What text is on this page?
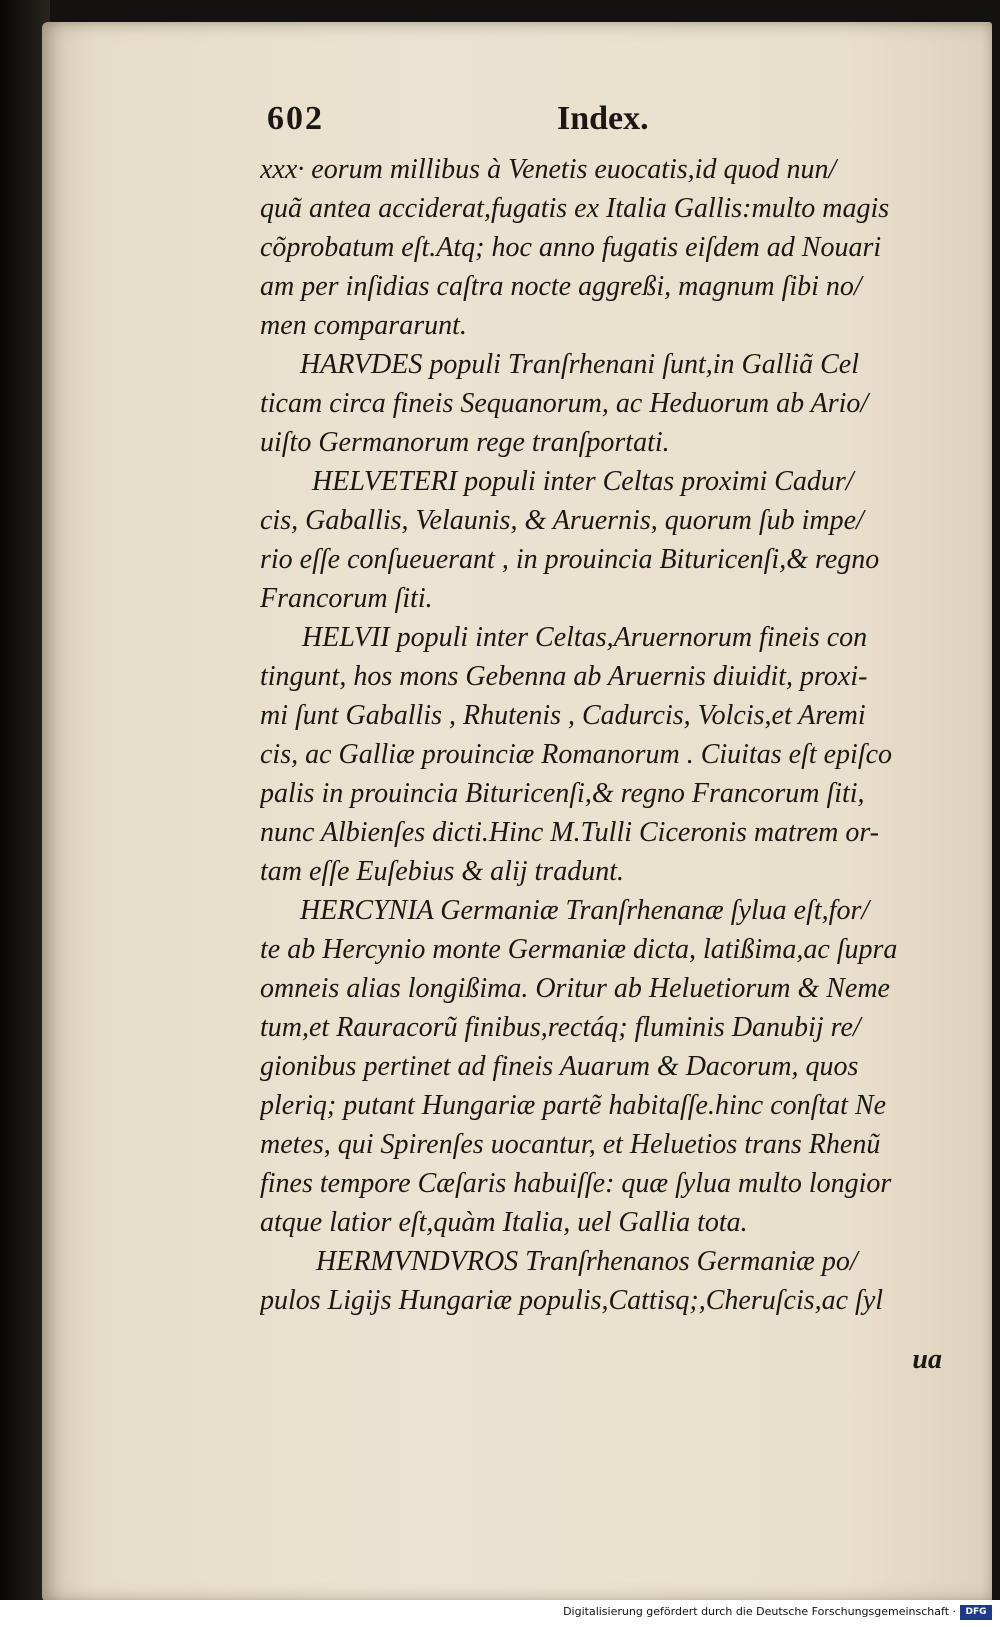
602	Index.
xxx· eorum millibus à Venetis euocatis,id quod nun/
quã antea acciderat,fugatis ex Italia Gallis:multo magis
cõprobatum eſt.Atq; hoc anno fugatis eiſdem ad Nouari
am per inſidias caſtra nocte aggreßi, magnum ſibi no/
men compararunt.
HARVDES populi Tranſrhenani ſunt,in Galliã Cel
ticam circa fineis Sequanorum, ac Heduorum ab Ario/
uiſto Germanorum rege tranſportati.
HELVETERI populi inter Celtas proximi Cadur/
cis, Gaballis, Velaunis, & Aruernis, quorum ſub impe/
rio eſſe conſueuerant , in prouincia Bituricenſi,& regno
Francorum ſiti.
HELVII populi inter Celtas,Aruernorum fineis con
tingunt, hos mons Gebenna ab Aruernis diuidit, proxi-
mi ſunt Gaballis , Rhutenis , Cadurcis, Volcis,et Aremi
cis, ac Galliæ prouinciæ Romanorum . Ciuitas eſt epiſco
palis in prouincia Bituricenſi,& regno Francorum ſiti,
nunc Albienſes dicti.Hinc M.Tulli Ciceronis matrem or-
tam eſſe Euſebius & alij tradunt.
HERCYNIA Germaniæ Tranſrhenanæ ſylua eſt,for/
te ab Hercynio monte Germaniæ dicta, latißima,ac ſupra
omneis alias longißima. Oritur ab Heluetiorum & Neme
tum,et Rauracorũ finibus,rectáq; fluminis Danubij re/
gionibus pertinet ad fineis Auarum & Dacorum, quos
pleriq; putant Hungariæ partẽ habitaſſe.hinc conſtat Ne
metes, qui Spirenſes uocantur, et Heluetios trans Rhenũ
fines tempore Cæſaris habuiſſe: quæ ſylua multo longior
atque latior eſt,quàm Italia, uel Gallia tota.
HERMVNDVROS Tranſrhenanos Germaniæ po/
pulos Ligijs Hungariæ populis,Cattisq;,Cheruſcis,ac ſyl
ua
Digitalisierung gefördert durch die Deutsche Forschungsgemeinschaft ·	DFG
